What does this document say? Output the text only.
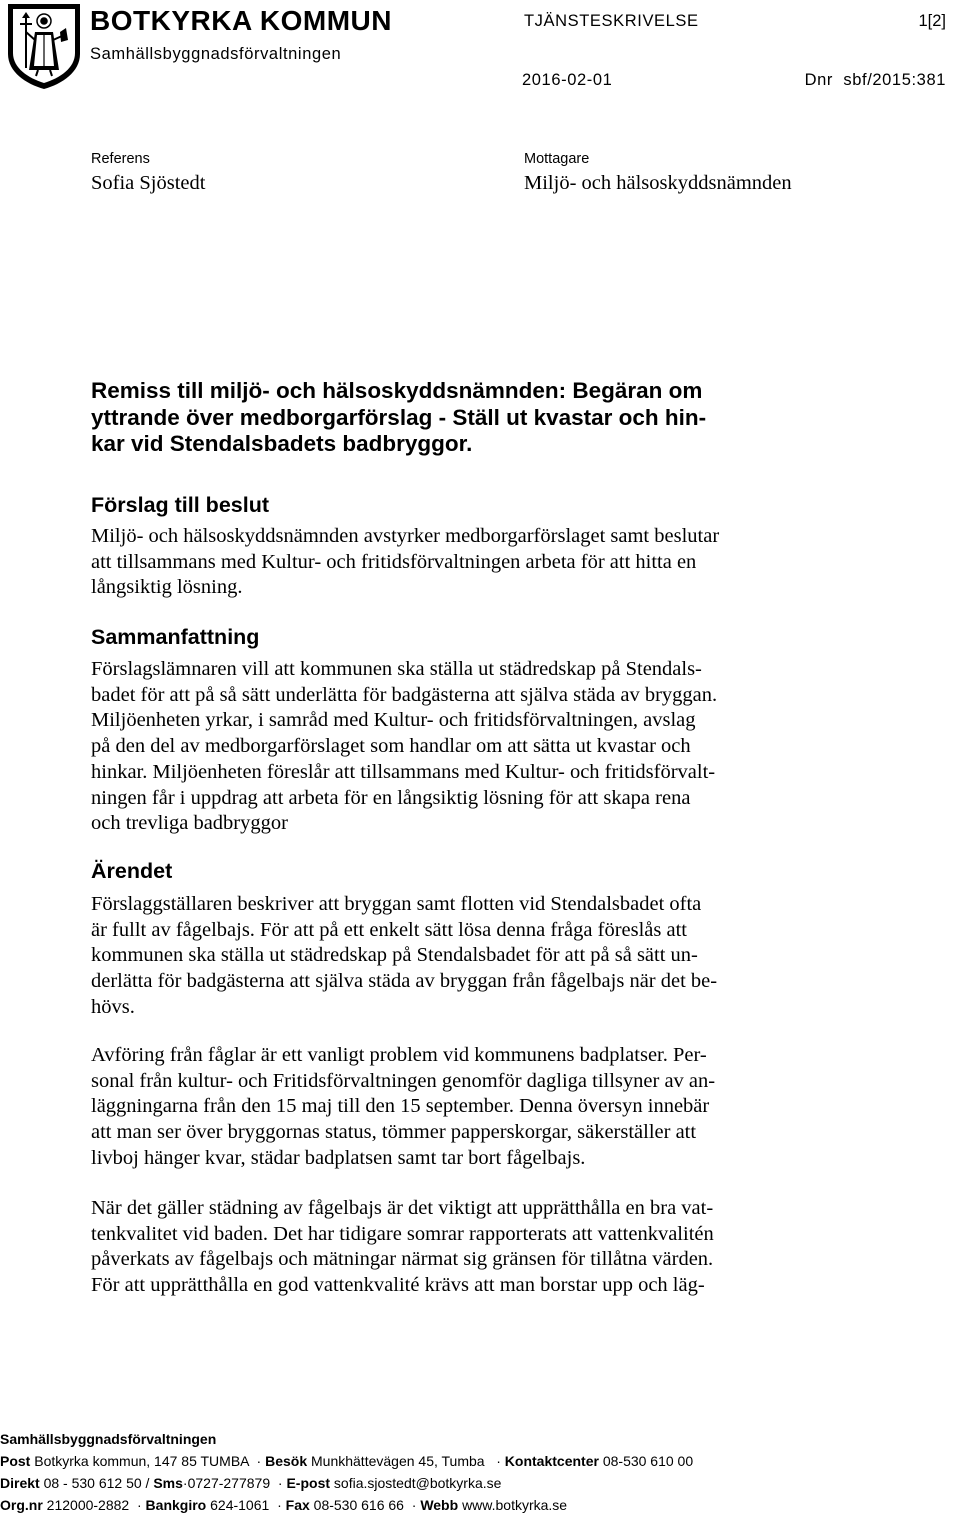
BOTKYRKA KOMMUN
Samhällsbyggnadsförvaltningen
TJÄNSTESKRIVELSE	1[2]
2016-02-01	Dnr  sbf/2015:381
Referens
Sofia Sjöstedt
Mottagare
Miljö- och hälsoskyddsnämnden
Remiss till miljö- och hälsoskyddsnämnden: Begäran om
yttrande över medborgarförslag - Ställ ut kvastar och hin-
kar vid Stendalsbadets badbryggor.
Förslag till beslut
Miljö- och hälsoskyddsnämnden avstyrker medborgarförslaget samt beslutar
att tillsammans med Kultur- och fritidsförvaltningen arbeta för att hitta en
långsiktig lösning.
Sammanfattning
Förslagslämnaren vill att kommunen ska ställa ut städredskap på Stendals-
badet för att på så sätt underlätta för badgästerna att själva städa av bryggan.
Miljöenheten yrkar, i samråd med Kultur- och fritidsförvaltningen, avslag
på den del av medborgarförslaget som handlar om att sätta ut kvastar och
hinkar. Miljöenheten föreslår att tillsammans med Kultur- och fritidsförvalt-
ningen får i uppdrag att arbeta för en långsiktig lösning för att skapa rena
och trevliga badbryggor
Ärendet
Förslaggställaren beskriver att bryggan samt flotten vid Stendalsbadet ofta
är fullt av fågelbajs. För att på ett enkelt sätt lösa denna fråga föreslås att
kommunen ska ställa ut städredskap på Stendalsbadet för att på så sätt un-
derlätta för badgästerna att själva städa av bryggan från fågelbajs när det be-
hövs.
Avföring från fåglar är ett vanligt problem vid kommunens badplatser. Per-
sonal från kultur- och Fritidsförvaltningen genomför dagliga tillsyner av an-
läggningarna från den 15 maj till den 15 september. Denna översyn innebär
att man ser över bryggornas status, tömmer papperskorgar, säkerställer att
livboj hänger kvar, städar badplatsen samt tar bort fågelbajs.
När det gäller städning av fågelbajs är det viktigt att upprätthålla en bra vat-
tenkvalitet vid baden. Det har tidigare somrar rapporterats att vattenkvalitén
påverkats av fågelbajs och mätningar närmat sig gränsen för tillåtna värden.
För att upprätthålla en god vattenkvalité krävs att man borstar upp och läg-
Samhällsbyggnadsförvaltningen
Post Botkyrka kommun, 147 85 TUMBA  · Besök Munkhättevägen 45, Tumba   · Kontaktcenter 08-530 610 00
Direkt 08 - 530 612 50 / Sms·0727-277879  · E-post sofia.sjostedt@botkyrka.se
Org.nr 212000-2882  · Bankgiro 624-1061  · Fax 08-530 616 66  · Webb www.botkyrka.se
